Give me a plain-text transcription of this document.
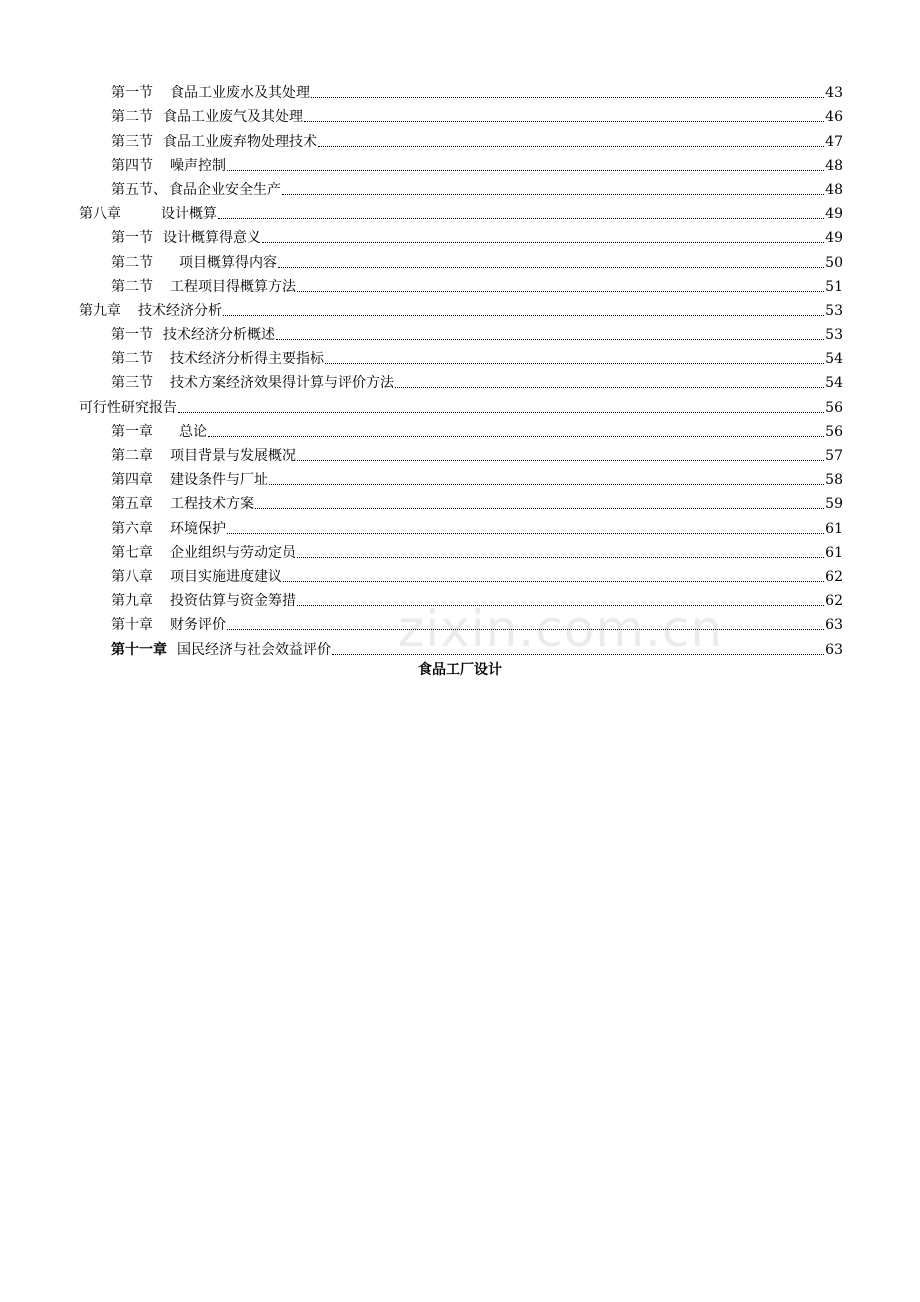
第一节 食品工业废水及其处理	43
第二节 食品工业废气及其处理	46
第三节 食品工业废弃物处理技术	47
第四节 噪声控制	48
第五节、 食品企业安全生产	48
第八章	设计概算	49
第一节 设计概算得意义	49
第二节 项目概算得内容	50
第二节 工程项目得概算方法	51
第九章 技术经济分析	53
第一节 技术经济分析概述	53
第二节 技术经济分析得主要指标	54
第三节 技术方案经济效果得计算与评价方法	54
可行性研究报告	56
第一章 总论	56
第二章 项目背景与发展概况	57
第四章 建设条件与厂址	58
第五章 工程技术方案	59
第六章 环境保护	61
第七章 企业组织与劳动定员	61
第八章 项目实施进度建议	62
第九章 投资估算与资金筹措	62
第十章 财务评价	63
第十一章 国民经济与社会效益评价	63
食品工厂设计
zixin.com.cn
